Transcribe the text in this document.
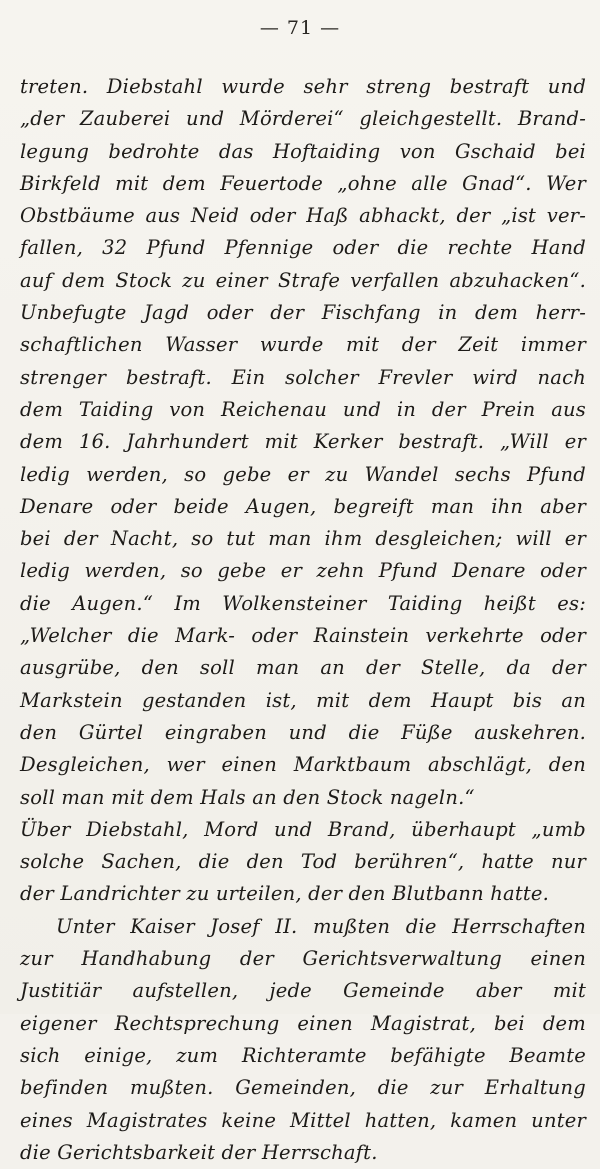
— 71 —
treten. Diebstahl wurde sehr streng bestraft und
„der Zauberei und Mörderei“ gleichgestellt. Brand-
legung bedrohte das Hoftaiding von Gschaid bei
Birkfeld mit dem Feuertode „ohne alle Gnad“. Wer
Obstbäume aus Neid oder Haß abhackt, der „ist ver-
fallen, 32 Pfund Pfennige oder die rechte Hand
auf dem Stock zu einer Strafe verfallen abzuhacken“.
Unbefugte Jagd oder der Fischfang in dem herr-
schaftlichen Wasser wurde mit der Zeit immer
strenger bestraft. Ein solcher Frevler wird nach
dem Taiding von Reichenau und in der Prein aus
dem 16. Jahrhundert mit Kerker bestraft. „Will er
ledig werden, so gebe er zu Wandel sechs Pfund
Denare oder beide Augen, begreift man ihn aber
bei der Nacht, so tut man ihm desgleichen; will er
ledig werden, so gebe er zehn Pfund Denare oder
die Augen.“ Im Wolkensteiner Taiding heißt es:
„Welcher die Mark- oder Rainstein verkehrte oder
ausgrübe, den soll man an der Stelle, da der
Markstein gestanden ist, mit dem Haupt bis an
den Gürtel eingraben und die Füße auskehren.
Desgleichen, wer einen Marktbaum abschlägt, den
soll man mit dem Hals an den Stock nageln.“
Über Diebstahl, Mord und Brand, überhaupt „umb
solche Sachen, die den Tod berühren“, hatte nur
der Landrichter zu urteilen, der den Blutbann hatte.
Unter Kaiser Josef II. mußten die Herrschaften
zur Handhabung der Gerichtsverwaltung einen
Justitiär aufstellen, jede Gemeinde aber mit
eigener Rechtsprechung einen Magistrat, bei dem
sich einige, zum Richteramte befähigte Beamte
befinden mußten. Gemeinden, die zur Erhaltung
eines Magistrates keine Mittel hatten, kamen unter
die Gerichtsbarkeit der Herrschaft.
